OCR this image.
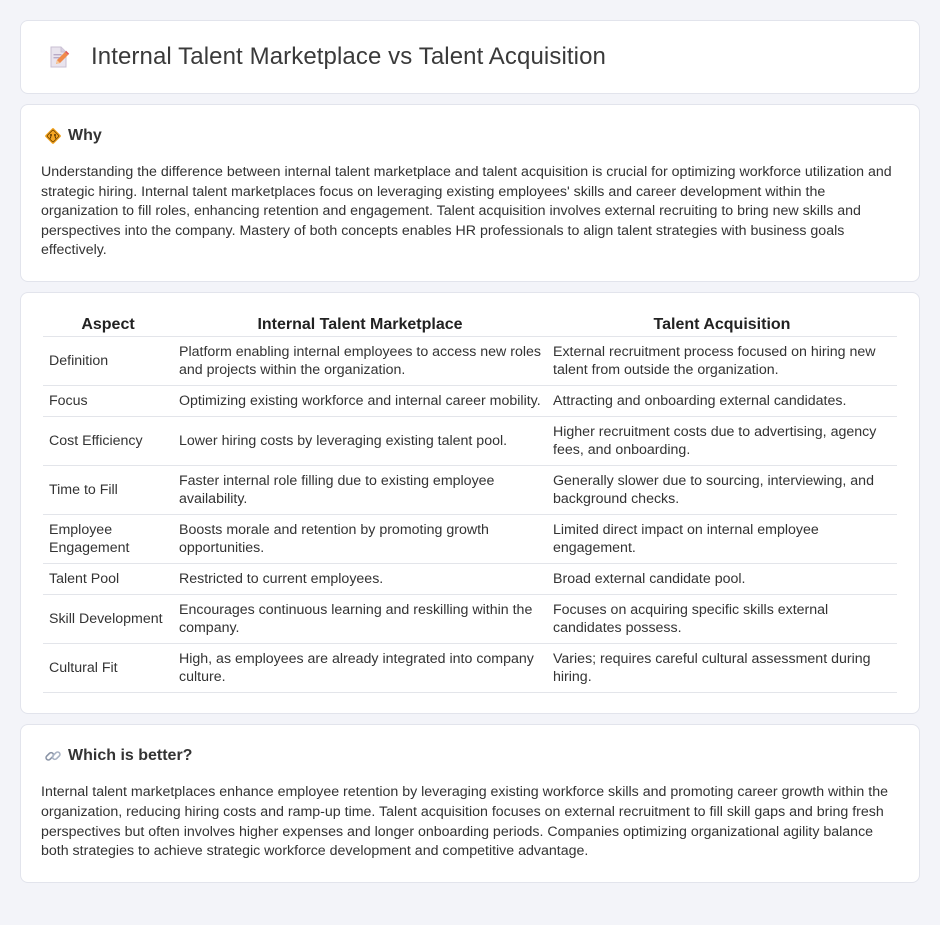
Internal Talent Marketplace vs Talent Acquisition
Why

Understanding the difference between internal talent marketplace and talent acquisition is crucial for optimizing workforce utilization and strategic hiring. Internal talent marketplaces focus on leveraging existing employees' skills and career development within the organization to fill roles, enhancing retention and engagement. Talent acquisition involves external recruiting to bring new skills and perspectives into the company. Mastery of both concepts enables HR professionals to align talent strategies with business goals effectively.

Aspect	Internal Talent Marketplace	Talent Acquisition
Definition	Platform enabling internal employees to access new roles and projects within the organization.	External recruitment process focused on hiring new talent from outside the organization.
Focus	Optimizing existing workforce and internal career mobility.	Attracting and onboarding external candidates.
Cost Efficiency	Lower hiring costs by leveraging existing talent pool.	Higher recruitment costs due to advertising, agency fees, and onboarding.
Time to Fill	Faster internal role filling due to existing employee availability.	Generally slower due to sourcing, interviewing, and background checks.
Employee Engagement	Boosts morale and retention by promoting growth opportunities.	Limited direct impact on internal employee engagement.
Talent Pool	Restricted to current employees.	Broad external candidate pool.
Skill Development	Encourages continuous learning and reskilling within the company.	Focuses on acquiring specific skills external candidates possess.
Cultural Fit	High, as employees are already integrated into company culture.	Varies; requires careful cultural assessment during hiring.
Which is better?

Internal talent marketplaces enhance employee retention by leveraging existing workforce skills and promoting career growth within the organization, reducing hiring costs and ramp-up time. Talent acquisition focuses on external recruitment to fill skill gaps and bring fresh perspectives but often involves higher expenses and longer onboarding periods. Companies optimizing organizational agility balance both strategies to achieve strategic workforce development and competitive advantage.
